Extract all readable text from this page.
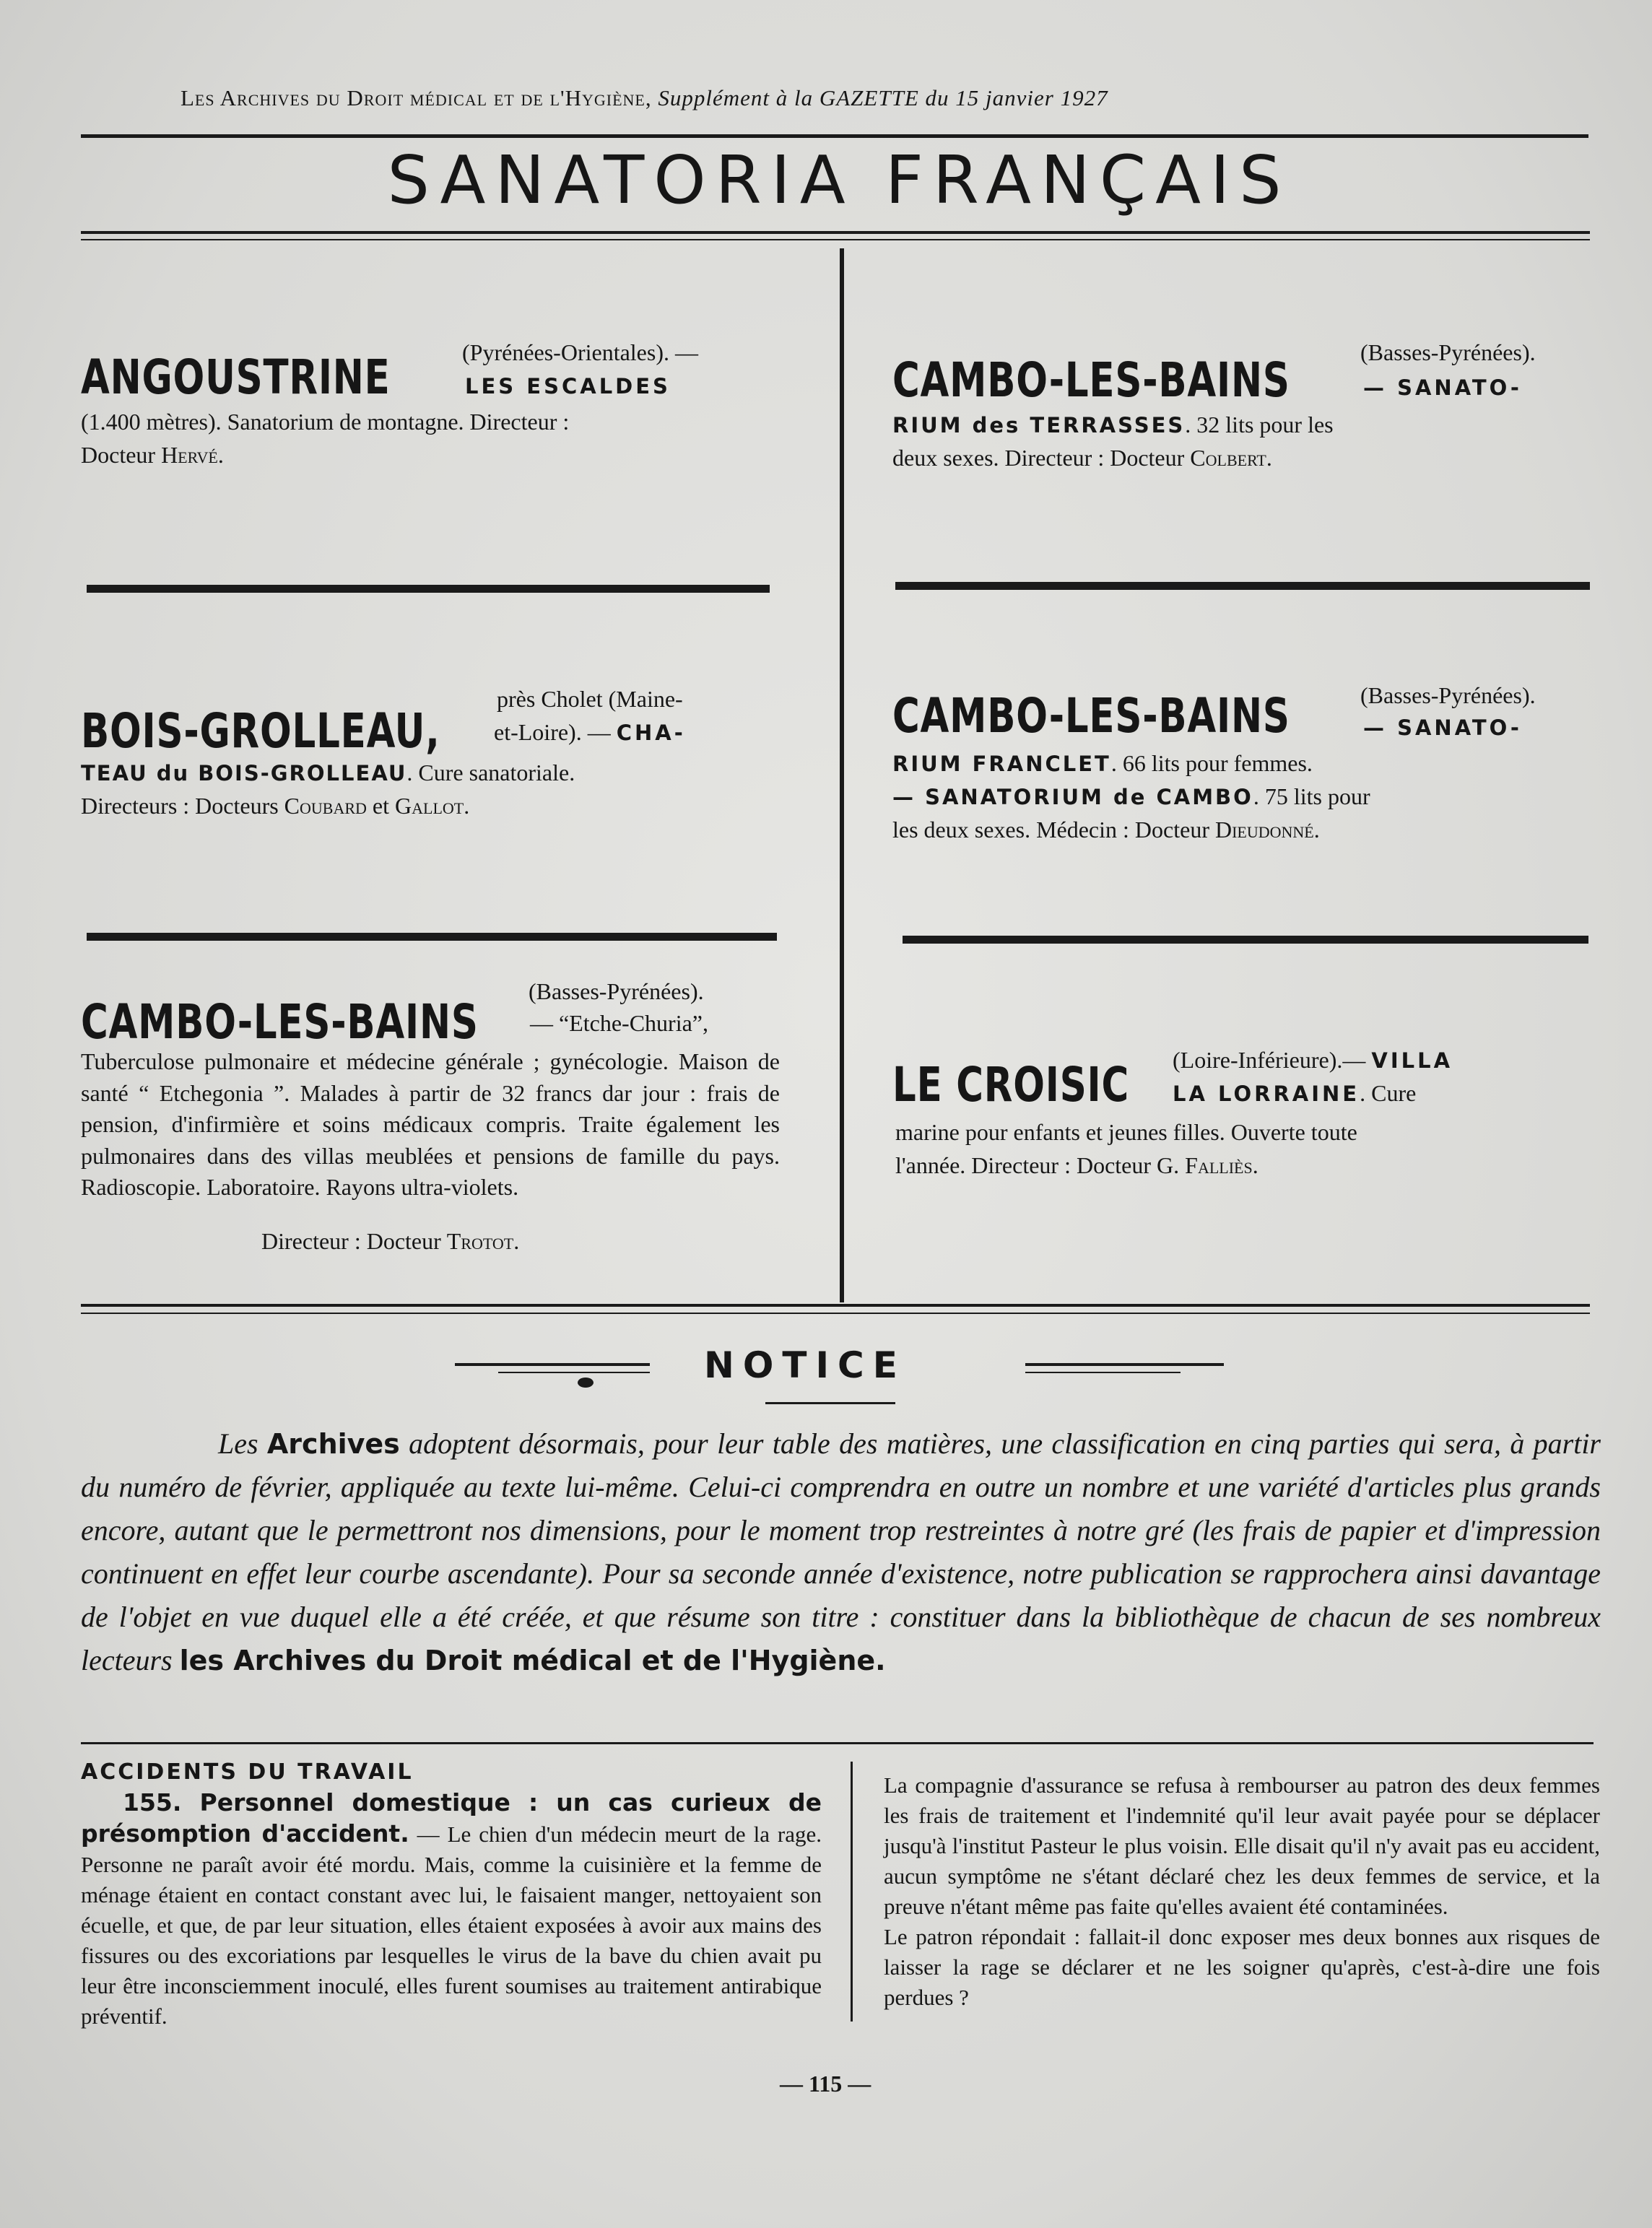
Les Archives du Droit médical et de l'Hygiène, Supplément à la GAZETTE du 15 janvier 1927
SANATORIA FRANÇAIS
ANGOUSTRINE	(Pyrénées-Orientales). —
LES ESCALDES
(1.400 mètres). Sanatorium de montagne. Directeur :
Docteur Hervé.
BOIS-GROLLEAU,
près Cholet (Maine-
et-Loire). — CHA-
TEAU du BOIS-GROLLEAU. Cure sanatoriale.
Directeurs : Docteurs Coubard et Gallot.
CAMBO-LES-BAINS
(Basses-Pyrénées).
— “Etche-Churia”,
Tuberculose pulmonaire et médecine générale ; gynécologie. Maison de santé “ Etchegonia ”. Malades à partir de 32 francs dar jour : frais de pension, d'infirmière et soins médicaux compris. Traite également les pulmonaires dans des villas meublées et pensions de famille du pays. Radioscopie. Laboratoire. Rayons ultra-violets.
Directeur : Docteur Trotot.
CAMBO-LES-BAINS	(Basses-Pyrénées).
— SANATO-
RIUM des TERRASSES. 32 lits pour les
deux sexes. Directeur : Docteur Colbert.
CAMBO-LES-BAINS	(Basses-Pyrénées).
— SANATO-
RIUM FRANCLET. 66 lits pour femmes.
— SANATORIUM de CAMBO. 75 lits pour
les deux sexes. Médecin : Docteur Dieudonné.
LE CROISIC (Loire-Inférieure).— VILLA
LA LORRAINE. Cure
marine pour enfants et jeunes filles. Ouverte toute
l'année. Directeur : Docteur G. Falliès.
NOTICE
Les Archives adoptent désormais, pour leur table des matières, une classification en cinq parties qui sera, à partir du numéro de février, appliquée au texte lui-même. Celui-ci comprendra en outre un nombre et une variété d'articles plus grands encore, autant que le permettront nos dimensions, pour le moment trop restreintes à notre gré (les frais de papier et d'impression continuent en effet leur courbe ascendante). Pour sa seconde année d'existence, notre publication se rapprochera ainsi davantage de l'objet en vue duquel elle a été créée, et que résume son titre : constituer dans la bibliothèque de chacun de ses nombreux lecteurs les Archives du Droit médical et de l'Hygiène.
ACCIDENTS DU TRAVAIL
155. Personnel domestique : un cas curieux de présomption d'accident. — Le chien d'un médecin meurt de la rage. Personne ne paraît avoir été mordu. Mais, comme la cuisinière et la femme de ménage étaient en contact constant avec lui, le faisaient manger, nettoyaient son écuelle, et que, de par leur situation, elles étaient exposées à avoir aux mains des fissures ou des excoriations par lesquelles le virus de la bave du chien avait pu leur être inconsciemment inoculé, elles furent soumises au traitement antirabique préventif.
La compagnie d'assurance se refusa à rembourser au patron des deux femmes les frais de traitement et l'indemnité qu'il leur avait payée pour se déplacer jusqu'à l'institut Pasteur le plus voisin. Elle disait qu'il n'y avait pas eu accident, aucun symptôme ne s'étant déclaré chez les deux femmes de service, et la preuve n'étant même pas faite qu'elles avaient été contaminées.
Le patron répondait : fallait-il donc exposer mes deux bonnes aux risques de laisser la rage se déclarer et ne les soigner qu'après, c'est-à-dire une fois perdues ?
— 115 —
